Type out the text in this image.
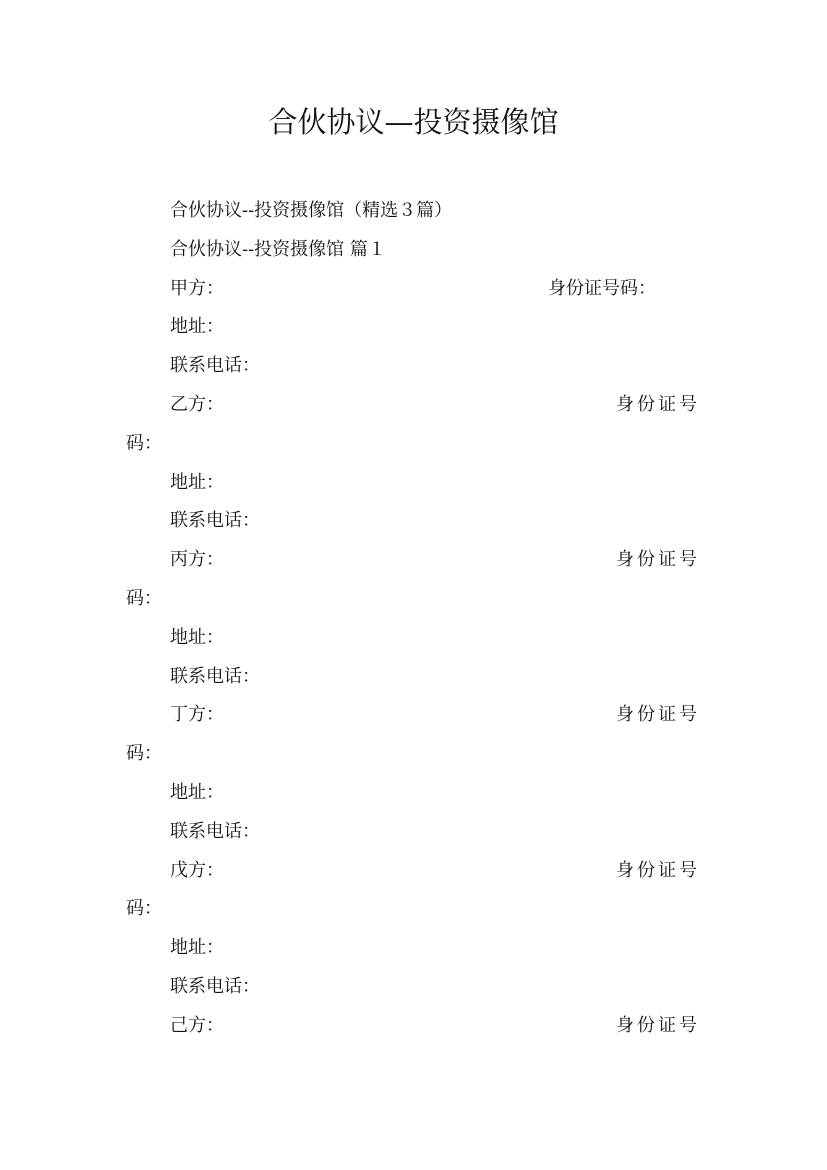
合伙协议—投资摄像馆
合伙协议--投资摄像馆（精选３篇）
合伙协议--投资摄像馆 篇１
甲方：	身份证号码：
地址：
联系电话：
乙方：	身份证号
码：
地址：
联系电话：
丙方：	身份证号
码：
地址：
联系电话：
丁方：	身份证号
码：
地址：
联系电话：
戊方：	身份证号
码：
地址：
联系电话：
己方：	身份证号
